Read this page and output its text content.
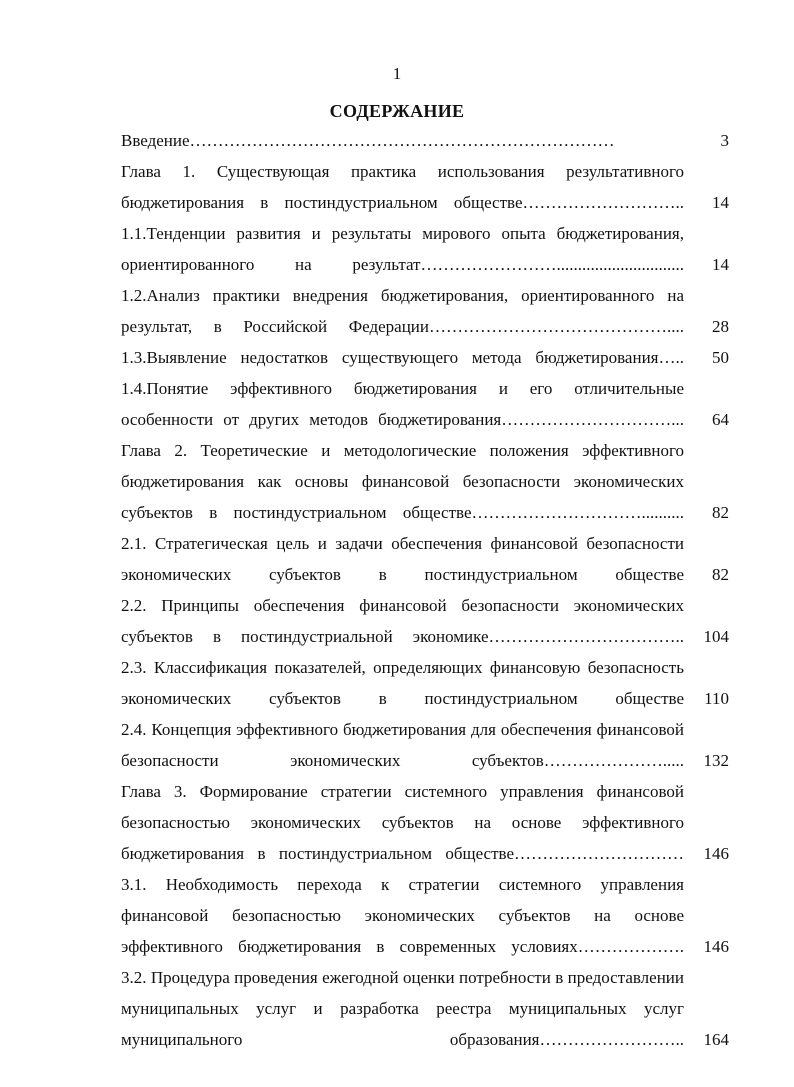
1
СОДЕРЖАНИЕ
Введение…………………………………………………………………	3
Глава 1. Существующая практика использования результативного бюджетирования в постиндустриальном обществе………………………..	14
1.1.Тенденции развития и результаты мирового опыта бюджетирования, ориентированного на результат……………………..............................	14
1.2.Анализ практики внедрения бюджетирования, ориентированного на результат, в Российской Федерации……………………………………....	28
1.3.Выявление недостатков существующего метода бюджетирования…..	50
1.4.Понятие эффективного бюджетирования и его отличительные особенности от других методов бюджетирования…………………………...	64
Глава 2. Теоретические и методологические положения эффективного бюджетирования как основы финансовой безопасности экономических субъектов в постиндустриальном обществе…………………………..........	82
2.1. Стратегическая цель и задачи обеспечения финансовой безопасности экономических субъектов в постиндустриальном обществе	82
2.2. Принципы обеспечения финансовой безопасности экономических субъектов в постиндустриальной экономике……………………………..	104
2.3. Классификация показателей, определяющих финансовую безопасность экономических субъектов в постиндустриальном обществе	110
2.4. Концепция эффективного бюджетирования для обеспечения финансовой безопасности экономических субъектов………………….....	132
Глава 3. Формирование стратегии системного управления финансовой безопасностью экономических субъектов на основе эффективного бюджетирования в постиндустриальном обществе…………………………	146
3.1. Необходимость перехода к стратегии системного управления финансовой безопасностью экономических субъектов на основе эффективного бюджетирования в современных условиях……………….	146
3.2. Процедура проведения ежегодной оценки потребности в предоставлении муниципальных услуг и разработка реестра муниципальных услуг муниципального образования……………………..	164
